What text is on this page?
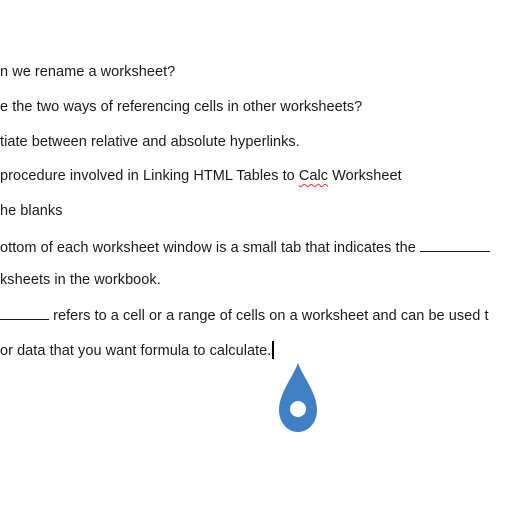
n we rename a worksheet?
e the two ways of referencing cells in other worksheets?
tiate between relative and absolute hyperlinks.
procedure involved in Linking HTML Tables to Calc Worksheet
he blanks
ottom of each worksheet window is a small tab that indicates the
ksheets in the workbook.
refers to a cell or a range of cells on a worksheet and can be used t
or data that you want formula to calculate.
